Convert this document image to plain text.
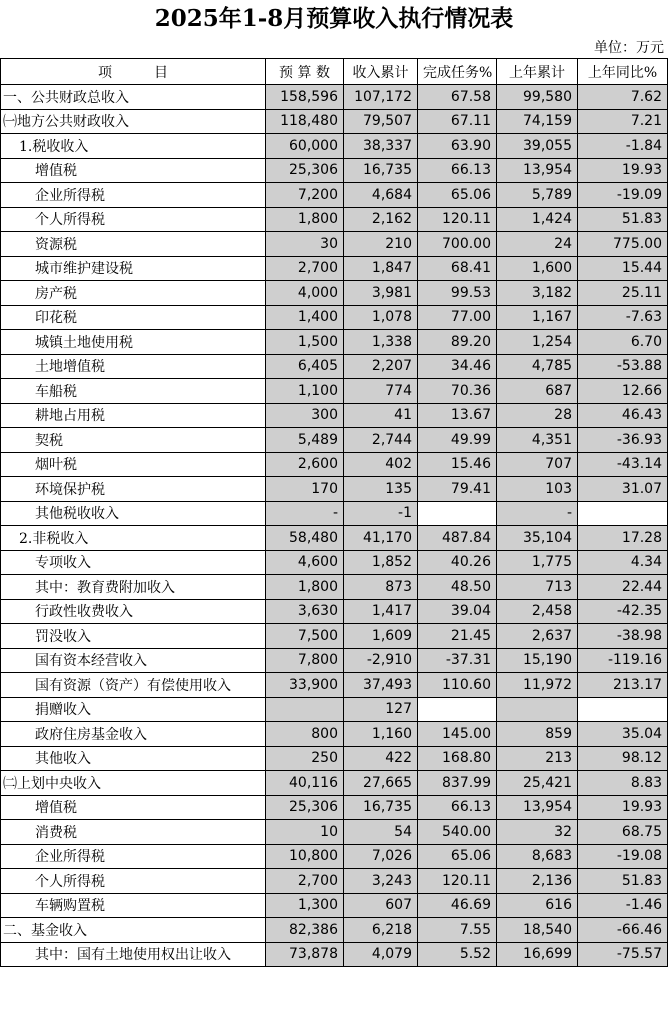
2025年1-8月预算收入执行情况表
单位：万元
项　　　目	预 算 数	收入累计	完成任务%	上年累计	上年同比%
一、公共财政总收入	158,596	107,172	67.58	99,580	7.62
㈠地方公共财政收入	118,480	79,507	67.11	74,159	7.21
1.税收收入	60,000	38,337	63.90	39,055	-1.84
增值税	25,306	16,735	66.13	13,954	19.93
企业所得税	7,200	4,684	65.06	5,789	-19.09
个人所得税	1,800	2,162	120.11	1,424	51.83
资源税	30	210	700.00	24	775.00
城市维护建设税	2,700	1,847	68.41	1,600	15.44
房产税	4,000	3,981	99.53	3,182	25.11
印花税	1,400	1,078	77.00	1,167	-7.63
城镇土地使用税	1,500	1,338	89.20	1,254	6.70
土地增值税	6,405	2,207	34.46	4,785	-53.88
车船税	1,100	774	70.36	687	12.66
耕地占用税	300	41	13.67	28	46.43
契税	5,489	2,744	49.99	4,351	-36.93
烟叶税	2,600	402	15.46	707	-43.14
环境保护税	170	135	79.41	103	31.07
其他税收收入	-	-1		-	
2.非税收入	58,480	41,170	487.84	35,104	17.28
专项收入	4,600	1,852	40.26	1,775	4.34
其中：教育费附加收入	1,800	873	48.50	713	22.44
行政性收费收入	3,630	1,417	39.04	2,458	-42.35
罚没收入	7,500	1,609	21.45	2,637	-38.98
国有资本经营收入	7,800	-2,910	-37.31	15,190	-119.16
国有资源（资产）有偿使用收入	33,900	37,493	110.60	11,972	213.17
捐赠收入		127			
政府住房基金收入	800	1,160	145.00	859	35.04
其他收入	250	422	168.80	213	98.12
㈡上划中央收入	40,116	27,665	837.99	25,421	8.83
增值税	25,306	16,735	66.13	13,954	19.93
消费税	10	54	540.00	32	68.75
企业所得税	10,800	7,026	65.06	8,683	-19.08
个人所得税	2,700	3,243	120.11	2,136	51.83
车辆购置税	1,300	607	46.69	616	-1.46
二、基金收入	82,386	6,218	7.55	18,540	-66.46
其中：国有土地使用权出让收入	73,878	4,079	5.52	16,699	-75.57
